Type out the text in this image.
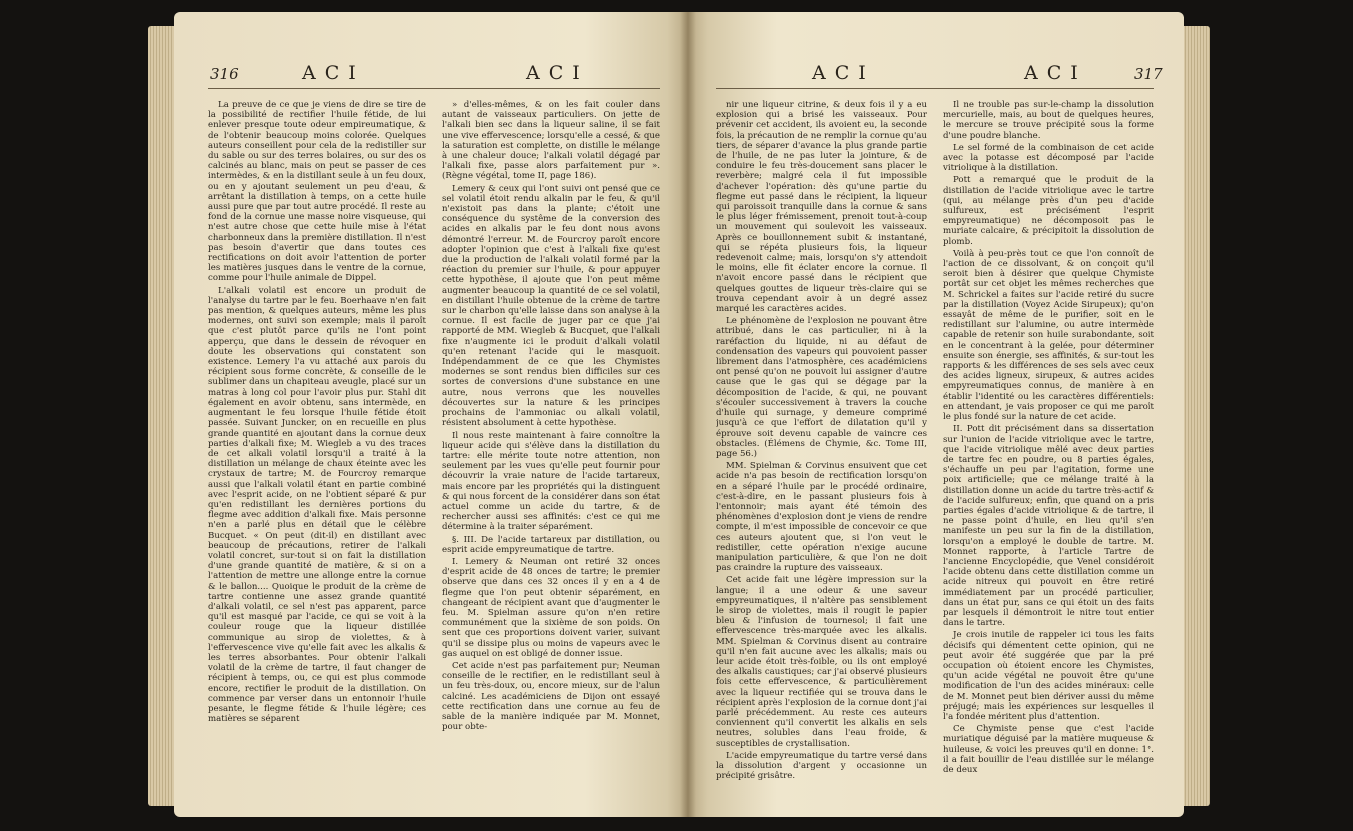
316	ACI	ACI

La preuve de ce que je viens de dire se tire de la possibilité de rectifier l'huile fétide, de lui enlever presque toute odeur empireumatique, & de l'obtenir beaucoup moins colorée. Quelques auteurs conseillent pour cela de la redistiller sur du sable ou sur des terres bolaires, ou sur des os calcinés au blanc, mais on peut se passer de ces intermèdes, & en la distillant seule à un feu doux, ou en y ajoutant seulement un peu d'eau, & arrêtant la distillation à temps, on a cette huile aussi pure que par tout autre procédé. Il reste au fond de la cornue une masse noire visqueuse, qui n'est autre chose que cette huile mise à l'état charbonneux dans la première distillation. Il n'est pas besoin d'avertir que dans toutes ces rectifications on doit avoir l'attention de porter les matières jusques dans le ventre de la cornue, comme pour l'huile animale de Dippel.

L'alkali volatil est encore un produit de l'analyse du tartre par le feu. Boerhaave n'en fait pas mention, & quelques auteurs, même les plus modernes, ont suivi son exemple; mais il paroît que c'est plutôt parce qu'ils ne l'ont point apperçu, que dans le dessein de révoquer en doute les observations qui constatent son existence. Lemery l'a vu attaché aux parois du récipient sous forme concrète, & conseille de le sublimer dans un chapiteau aveugle, placé sur un matras à long col pour l'avoir plus pur. Stahl dit également en avoir obtenu, sans intermède, en augmentant le feu lorsque l'huile fétide étoit passée. Suivant Juncker, on en recueille en plus grande quantité en ajoutant dans la cornue deux parties d'alkali fixe; M. Wiegleb a vu des traces de cet alkali volatil lorsqu'il a traité à la distillation un mélange de chaux éteinte avec les crystaux de tartre; M. de Fourcroy remarque aussi que l'alkali volatil étant en partie combiné avec l'esprit acide, on ne l'obtient séparé & pur qu'en redistillant les dernières portions du flegme avec addition d'alkali fixe. Mais personne n'en a parlé plus en détail que le célèbre Bucquet. « On peut (dit-il) en distillant avec beaucoup de précautions, retirer de l'alkali volatil concret, sur-tout si on fait la distillation d'une grande quantité de matière, & si on a l'attention de mettre une allonge entre la cornue & le ballon.... Quoique le produit de la crème de tartre contienne une assez grande quantité d'alkali volatil, ce sel n'est pas apparent, parce qu'il est masqué par l'acide, ce qui se voit à la couleur rouge que la liqueur distillée communique au sirop de violettes, & à l'effervescence vive qu'elle fait avec les alkalis & les terres absorbantes. Pour obtenir l'alkali volatil de la crème de tartre, il faut changer de récipient à temps, ou, ce qui est plus commode encore, rectifier le produit de la distillation. On commence par verser dans un entonnoir l'huile pesante, le flegme fétide & l'huile légère; ces matières se séparent

» d'elles-mêmes, & on les fait couler dans autant de vaisseaux particuliers. On jette de l'alkali bien sec dans la liqueur saline, il se fait une vive effervescence; lorsqu'elle a cessé, & que la saturation est complette, on distille le mélange à une chaleur douce; l'alkali volatil dégagé par l'alkali fixe, passe alors parfaitement pur ». (Règne végétal, tome II, page 186).

Lemery & ceux qui l'ont suivi ont pensé que ce sel volatil étoit rendu alkalin par le feu, & qu'il n'existoit pas dans la plante; c'étoit une conséquence du systême de la conversion des acides en alkalis par le feu dont nous avons démontré l'erreur. M. de Fourcroy paroît encore adopter l'opinion que c'est à l'alkali fixe qu'est due la production de l'alkali volatil formé par la réaction du premier sur l'huile, & pour appuyer cette hypothèse, il ajoute que l'on peut même augmenter beaucoup la quantité de ce sel volatil, en distillant l'huile obtenue de la crème de tartre sur le charbon qu'elle laisse dans son analyse à la cornue. Il est facile de juger par ce que j'ai rapporté de MM. Wiegleb & Bucquet, que l'alkali fixe n'augmente ici le produit d'alkali volatil qu'en retenant l'acide qui le masquoit. Indépendamment de ce que les Chymistes modernes se sont rendus bien difficiles sur ces sortes de conversions d'une substance en une autre, nous verrons que les nouvelles découvertes sur la nature & les principes prochains de l'ammoniac ou alkali volatil, résistent absolument à cette hypothèse.

Il nous reste maintenant à faire connoître la liqueur acide qui s'élève dans la distillation du tartre: elle mérite toute notre attention, non seulement par les vues qu'elle peut fournir pour découvrir la vraie nature de l'acide tartareux, mais encore par les propriétés qui la distinguent & qui nous forcent de la considérer dans son état actuel comme un acide du tartre, & de rechercher aussi ses affinités: c'est ce qui me détermine à la traiter séparément.

§. III. De l'acide tartareux par distillation, ou esprit acide empyreumatique de tartre.

I. Lemery & Neuman ont retiré 32 onces d'esprit acide de 48 onces de tartre; le premier observe que dans ces 32 onces il y en a 4 de flegme que l'on peut obtenir séparément, en changeant de récipient avant que d'augmenter le feu. M. Spielman assure qu'on n'en retire communément que la sixième de son poids. On sent que ces proportions doivent varier, suivant qu'il se dissipe plus ou moins de vapeurs avec le gas auquel on est obligé de donner issue.

Cet acide n'est pas parfaitement pur; Neuman conseille de le rectifier, en le redistillant seul à un feu très-doux, ou, encore mieux, sur de l'alun calciné. Les académiciens de Dijon ont essayé cette rectification dans une cornue au feu de sable de la manière indiquée par M. Monnet, pour obte-

ACI	ACI	317

nir une liqueur citrine, & deux fois il y a eu explosion qui a brisé les vaisseaux. Pour prévenir cet accident, ils avoient eu, la seconde fois, la précaution de ne remplir la cornue qu'au tiers, de séparer d'avance la plus grande partie de l'huile, de ne pas luter la jointure, & de conduire le feu très-doucement sans placer le reverbère; malgré cela il fut impossible d'achever l'opération: dès qu'une partie du flegme eut passé dans le récipient, la liqueur qui paroissoit tranquille dans la cornue & sans le plus léger frémissement, prenoit tout-à-coup un mouvement qui soulevoit les vaisseaux. Après ce bouillonnement subit & instantané, qui se répéta plusieurs fois, la liqueur redevenoit calme; mais, lorsqu'on s'y attendoit le moins, elle fit éclater encore la cornue. Il n'avoit encore passé dans le récipient que quelques gouttes de liqueur très-claire qui se trouva cependant avoir à un degré assez marqué les caractères acides.

Le phénomène de l'explosion ne pouvant être attribué, dans le cas particulier, ni à la raréfaction du liquide, ni au défaut de condensation des vapeurs qui pouvoient passer librement dans l'atmosphère, ces académiciens ont pensé qu'on ne pouvoit lui assigner d'autre cause que le gas qui se dégage par la décomposition de l'acide, & qui, ne pouvant s'écouler successivement à travers la couche d'huile qui surnage, y demeure comprimé jusqu'à ce que l'effort de dilatation qu'il y éprouve soit devenu capable de vaincre ces obstacles. (Élémens de Chymie, &c. Tome III, page 56.)

MM. Spielman & Corvinus ensuivent que cet acide n'a pas besoin de rectification lorsqu'on en a séparé l'huile par le procédé ordinaire, c'est-à-dire, en le passant plusieurs fois à l'entonnoir; mais ayant été témoin des phénomènes d'explosion dont je viens de rendre compte, il m'est impossible de concevoir ce que ces auteurs ajoutent que, si l'on veut le redistiller, cette opération n'exige aucune manipulation particulière, & que l'on ne doit pas craindre la rupture des vaisseaux.

Cet acide fait une légère impression sur la langue; il a une odeur & une saveur empyreumatiques, il n'altère pas sensiblement le sirop de violettes, mais il rougit le papier bleu & l'infusion de tournesol; il fait une effervescence très-marquée avec les alkalis. MM. Spielman & Corvinus disent au contraire qu'il n'en fait aucune avec les alkalis; mais ou leur acide étoit très-foible, ou ils ont employé des alkalis caustiques; car j'ai observé plusieurs fois cette effervescence, & particulièrement avec la liqueur rectifiée qui se trouva dans le récipient après l'explosion de la cornue dont j'ai parlé précédemment. Au reste ces auteurs conviennent qu'il convertit les alkalis en sels neutres, solubles dans l'eau froide, & susceptibles de crystallisation.

L'acide empyreumatique du tartre versé dans la dissolution d'argent y occasionne un précipité grisâtre.

Il ne trouble pas sur-le-champ la dissolution mercurielle, mais, au bout de quelques heures, le mercure se trouve précipité sous la forme d'une poudre blanche.

Le sel formé de la combinaison de cet acide avec la potasse est décomposé par l'acide vitriolique à la distillation.

Pott a remarqué que le produit de la distillation de l'acide vitriolique avec le tartre (qui, au mélange près d'un peu d'acide sulfureux, est précisément l'esprit empyreumatique) ne décomposoit pas le muriate calcaire, & précipitoit la dissolution de plomb.

Voilà à peu-près tout ce que l'on connoît de l'action de ce dissolvant, & on conçoit qu'il seroit bien à désirer que quelque Chymiste portât sur cet objet les mêmes recherches que M. Schrickel a faites sur l'acide retiré du sucre par la distillation (Voyez Acide Sirupeux); qu'on essayât de même de le purifier, soit en le redistillant sur l'alumine, ou autre intermède capable de retenir son huile surabondante, soit en le concentrant à la gelée, pour déterminer ensuite son énergie, ses affinités, & sur-tout les rapports & les différences de ses sels avec ceux des acides ligneux, sirupeux, & autres acides empyreumatiques connus, de manière à en établir l'identité ou les caractères différentiels: en attendant, je vais proposer ce qui me paroît le plus fondé sur la nature de cet acide.

II. Pott dit précisément dans sa dissertation sur l'union de l'acide vitriolique avec le tartre, que l'acide vitriolique mêlé avec deux parties de tartre fec en poudre, ou 8 parties égales, s'échauffe un peu par l'agitation, forme une poix artificielle; que ce mélange traité à la distillation donne un acide du tartre très-actif & de l'acide sulfureux; enfin, que quand on a pris parties égales d'acide vitriolique & de tartre, il ne passe point d'huile, en lieu qu'il s'en manifeste un peu sur la fin de la distillation, lorsqu'on a employé le double de tartre. M. Monnet rapporte, à l'article Tartre de l'ancienne Encyclopédie, que Venel considéroit l'acide obtenu dans cette distillation comme un acide nitreux qui pouvoit en être retiré immédiatement par un procédé particulier, dans un état pur, sans ce qui étoit un des faits par lesquels il démontroit le nitre tout entier dans le tartre.

Je crois inutile de rappeler ici tous les faits décisifs qui démentent cette opinion, qui ne peut avoir été suggérée que par la pré occupation où étoient encore les Chymistes, qu'un acide végétal ne pouvoit être qu'une modification de l'un des acides minéraux: celle de M. Monnet peut bien dériver aussi du même préjugé; mais les expériences sur lesquelles il l'a fondée méritent plus d'attention.

Ce Chymiste pense que c'est l'acide muriatique déguisé par la matière muqueuse & huileuse, & voici les preuves qu'il en donne: 1°. il a fait bouillir de l'eau distillée sur le mélange de deux
